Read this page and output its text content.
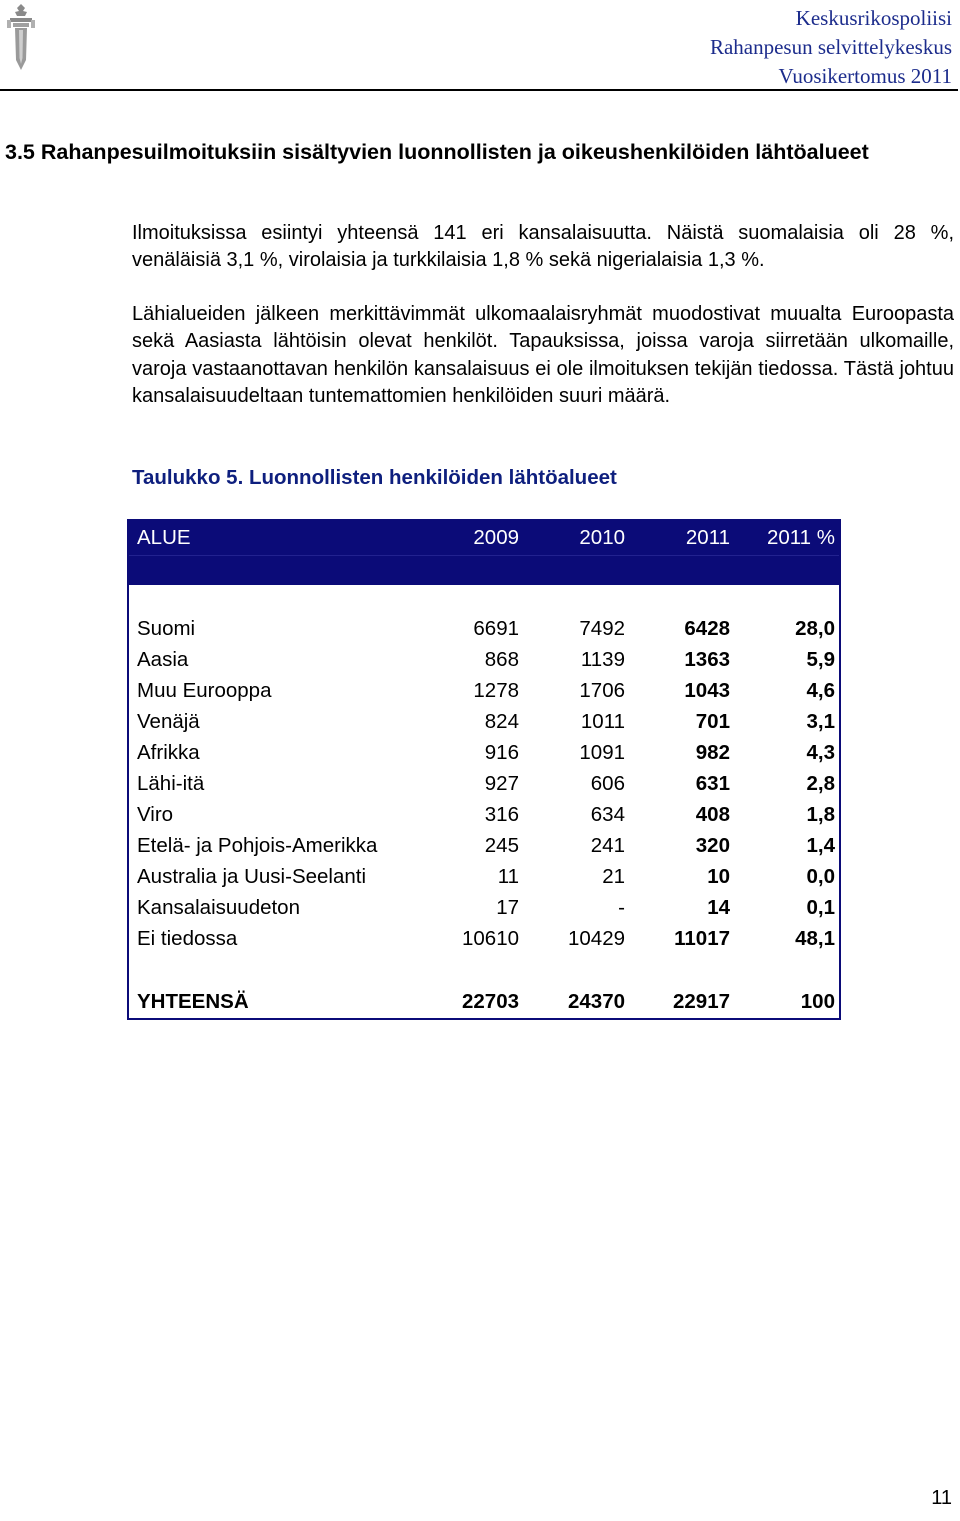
Keskusrikospoliisi
Rahanpesun selvittelykeskus
Vuosikertomus 2011
3.5 Rahanpesuilmoituksiin sisältyvien luonnollisten ja oikeushenkilöiden lähtöalueet
Ilmoituksissa esiintyi yhteensä 141 eri kansalaisuutta. Näistä suomalaisia oli 28 %, venäläisiä 3,1 %, virolaisia ja turkkilaisia 1,8 % sekä nigerialaisia 1,3 %.
Lähialueiden jälkeen merkittävimmät ulkomaalaisryhmät muodostivat muualta Euroopasta sekä Aasiasta lähtöisin olevat henkilöt. Tapauksissa, joissa varoja siirretään ulkomaille, varoja vastaanottavan henkilön kansalaisuus ei ole ilmoituksen tekijän tiedossa. Tästä johtuu kansalaisuudeltaan tuntemattomien henkilöiden suuri määrä.
Taulukko 5. Luonnollisten henkilöiden lähtöalueet
ALUE	2009	2010	2011 2011 %
Suomi	6691	7492	6428	28,0
Aasia	868	1139	1363	5,9
Muu Eurooppa	1278	1706	1043	4,6
Venäjä	824	1011	701	3,1
Afrikka	916	1091	982	4,3
Lähi-itä	927	606	631	2,8
Viro	316	634	408	1,8
Etelä- ja Pohjois-Amerikka	245	241	320	1,4
Australia ja Uusi-Seelanti	11	21	10	0,0
Kansalaisuudeton	17	-	14	0,1
Ei tiedossa	10610 10429 11017	48,1
YHTEENSÄ	22703 24370 22917	100
11
